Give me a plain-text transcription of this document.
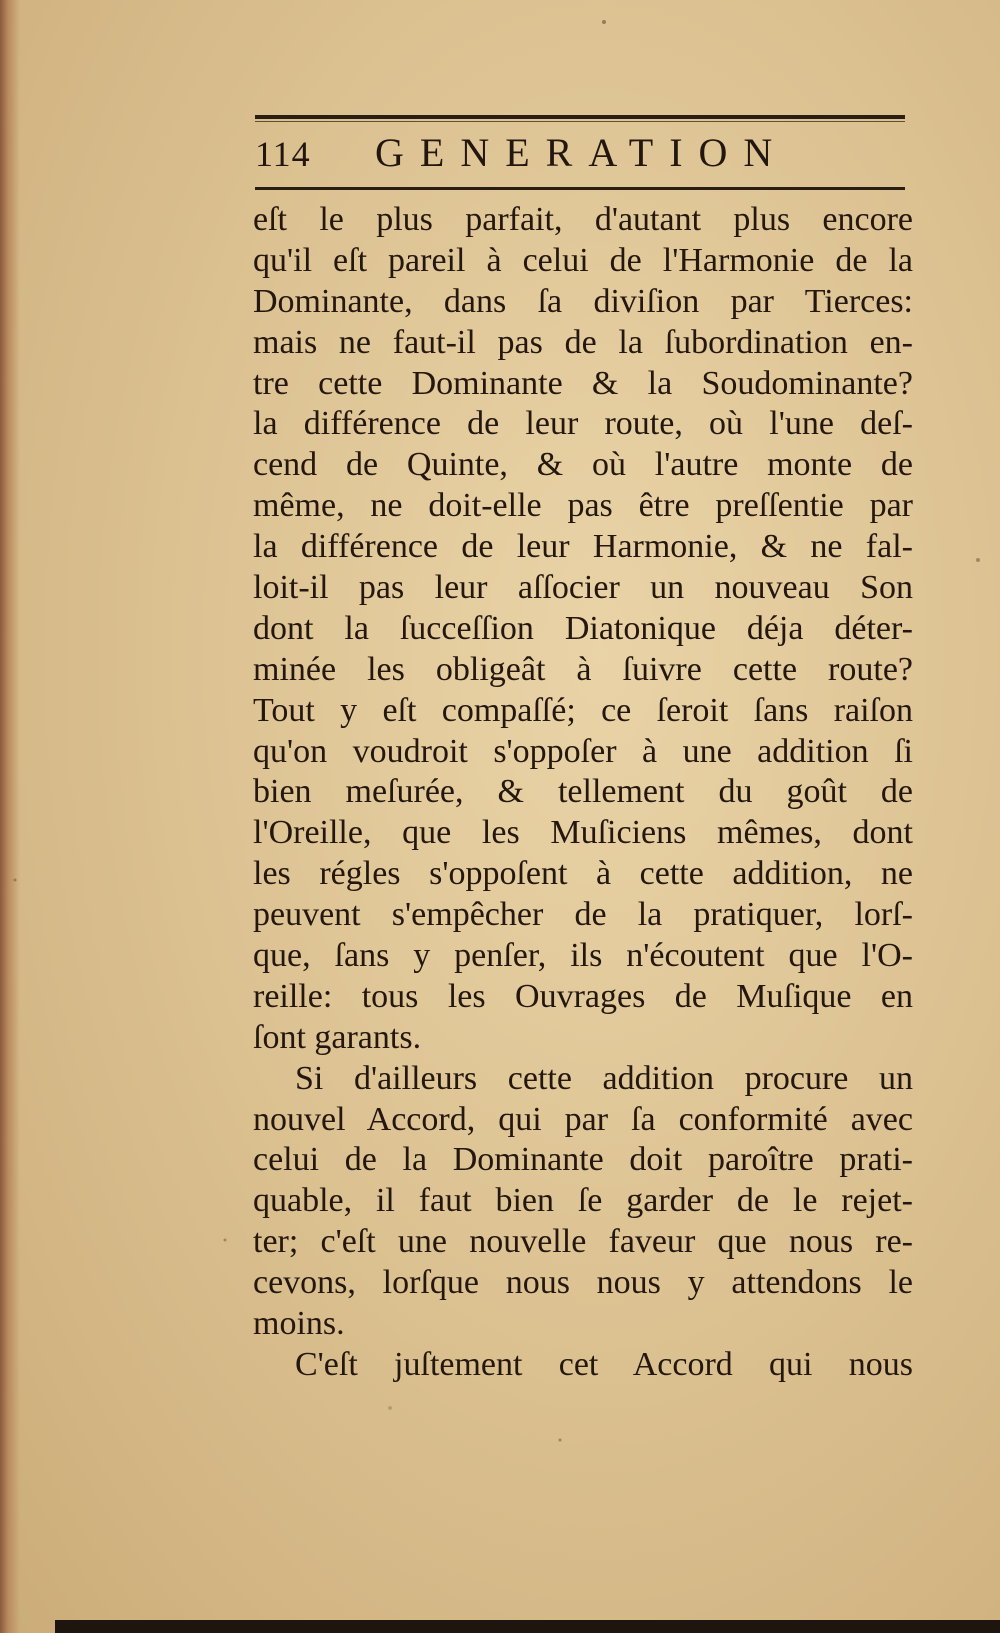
114 GENERATION
eſt le plus parfait, d'autant plus encore
qu'il eſt pareil à celui de l'Harmonie de la
Dominante, dans ſa diviſion par Tierces:
mais ne faut-il pas de la ſubordination en-
tre cette Dominante & la Soudominante?
la différence de leur route, où l'une deſ-
cend de Quinte, & où l'autre monte de
même, ne doit-elle pas être preſſentie par
la différence de leur Harmonie, & ne fal-
loit-il pas leur aſſocier un nouveau Son
dont la ſucceſſion Diatonique déja déter-
minée les obligeât à ſuivre cette route?
Tout y eſt compaſſé; ce ſeroit ſans raiſon
qu'on voudroit s'oppoſer à une addition ſi
bien meſurée, & tellement du goût de
l'Oreille, que les Muſiciens mêmes, dont
les régles s'oppoſent à cette addition, ne
peuvent s'empêcher de la pratiquer, lorſ-
que, ſans y penſer, ils n'écoutent que l'O-
reille: tous les Ouvrages de Muſique en
ſont garants.
Si d'ailleurs cette addition procure un
nouvel Accord, qui par ſa conformité avec
celui de la Dominante doit paroître prati-
quable, il faut bien ſe garder de le rejet-
ter; c'eſt une nouvelle faveur que nous re-
cevons, lorſque nous nous y attendons le
moins.
C'eſt juſtement cet Accord qui nous
